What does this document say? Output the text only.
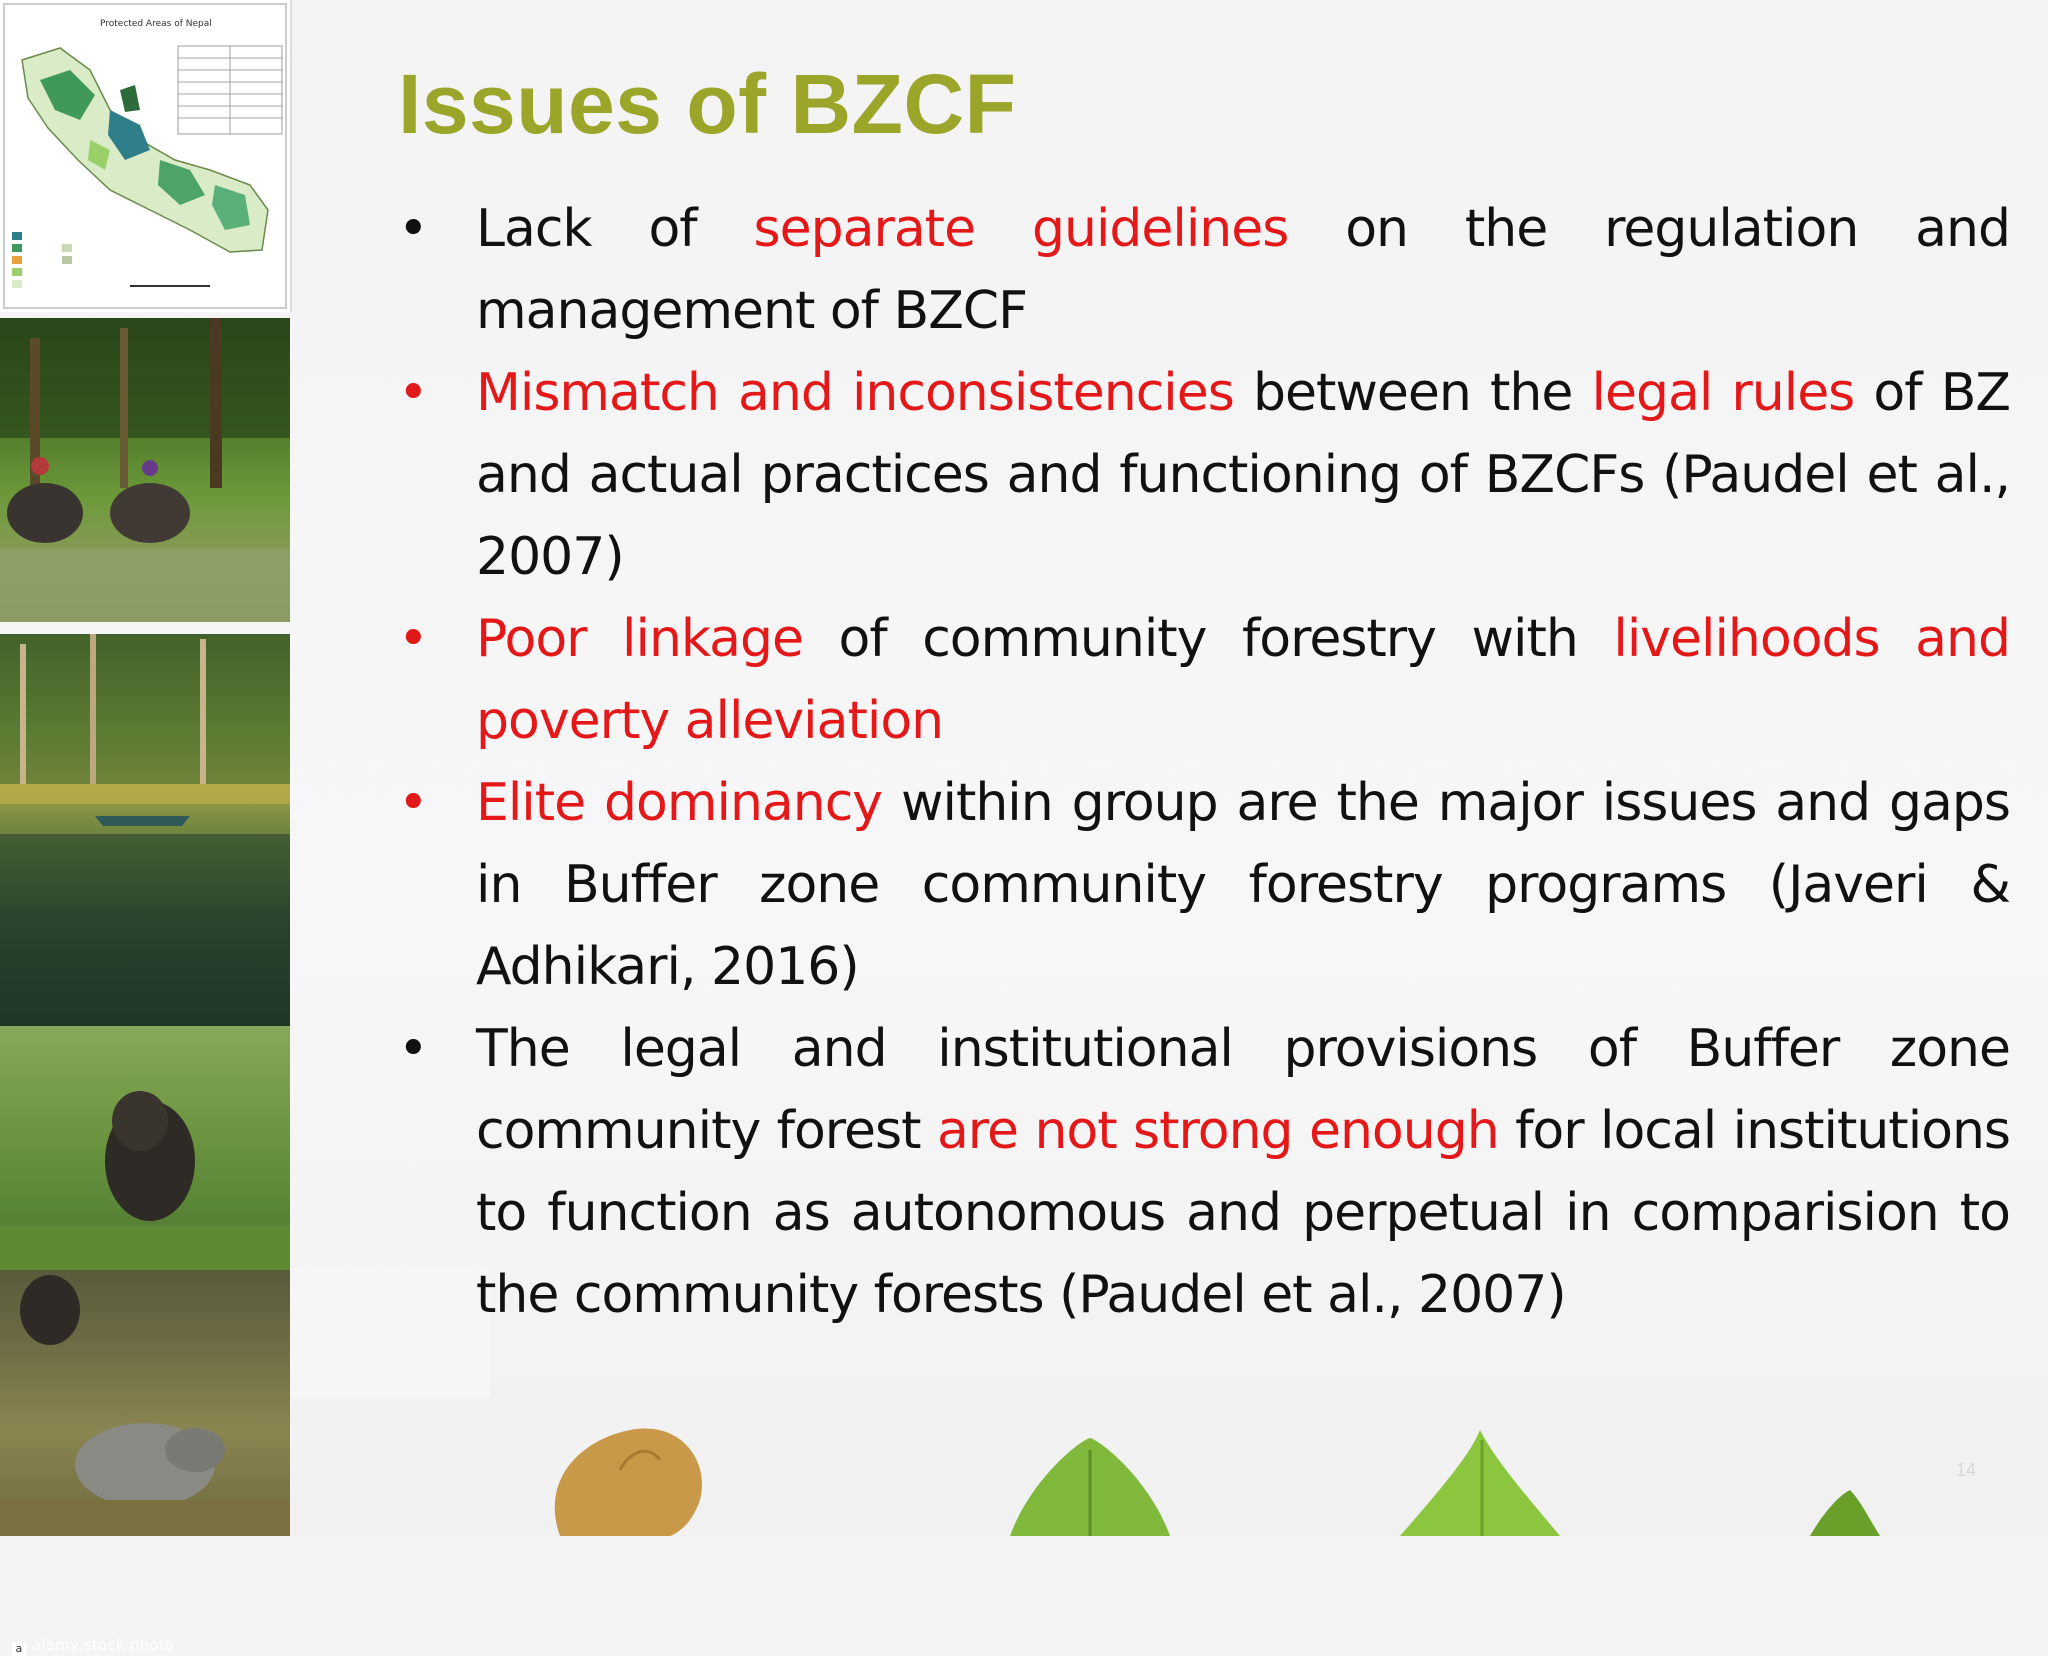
Protected Areas of Nepal
a alamy stock photo
Issues of BZCF
• Lack of separate guidelines on the regulation and management of BZCF
• Mismatch and inconsistencies between the legal rules of BZ and actual practices and functioning of BZCFs (Paudel et al., 2007)
• Poor linkage of community forestry with livelihoods and poverty alleviation
• Elite dominancy within group are the major issues and gaps in Buffer zone community forestry programs (Javeri & Adhikari, 2016)
• The legal and institutional provisions of Buffer zone community forest are not strong enough for local institutions to function as autonomous and perpetual in comparision to the community forests (Paudel et al., 2007)
14
